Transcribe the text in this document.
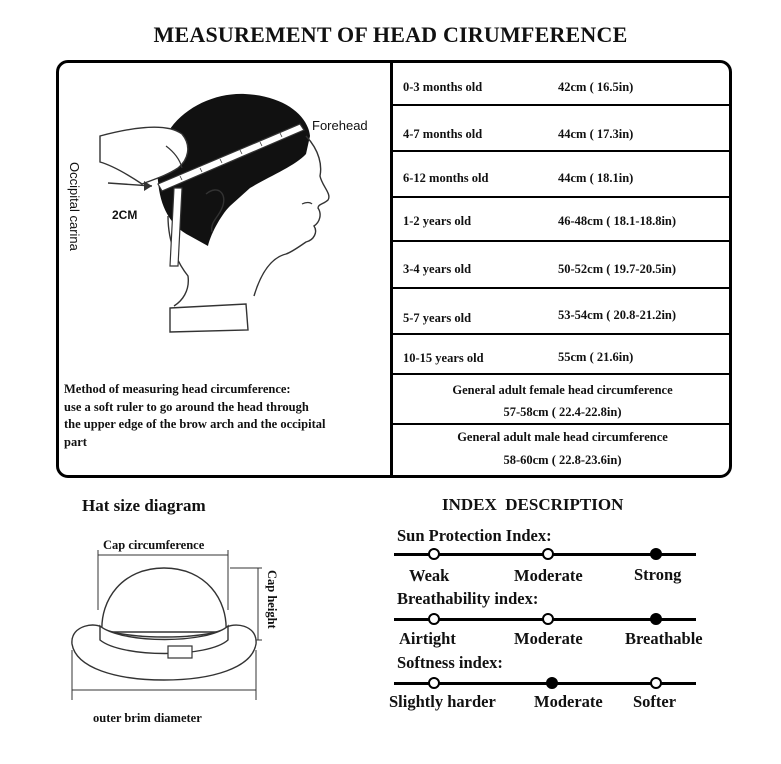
MEASUREMENT OF HEAD CIRUMFERENCE
Forehead
Occipital carina	2CM
Method of measuring head circumference:
use a soft ruler to go around the head through
the upper edge of the brow arch and the occipital
part
0-3 months old	42cm ( 16.5in)
4-7 months old	44cm ( 17.3in)
6-12 months old	44cm ( 18.1in)
1-2 years old	46-48cm ( 18.1-18.8in)
3-4 years old	50-52cm ( 19.7-20.5in)
5-7 years old	53-54cm ( 20.8-21.2in)
10-15 years old	55cm ( 21.6in)
General adult female head circumference
57-58cm ( 22.4-22.8in)
General adult male head circumference
58-60cm ( 22.8-23.6in)
Hat size diagram
Cap circumference
Cap height
outer brim diameter
INDEX  DESCRIPTION
Sun Protection Index:
Weak	Moderate	Strong
Breathability index:
Airtight	Moderate	Breathable
Softness index:
Slightly harder Moderate Softer
